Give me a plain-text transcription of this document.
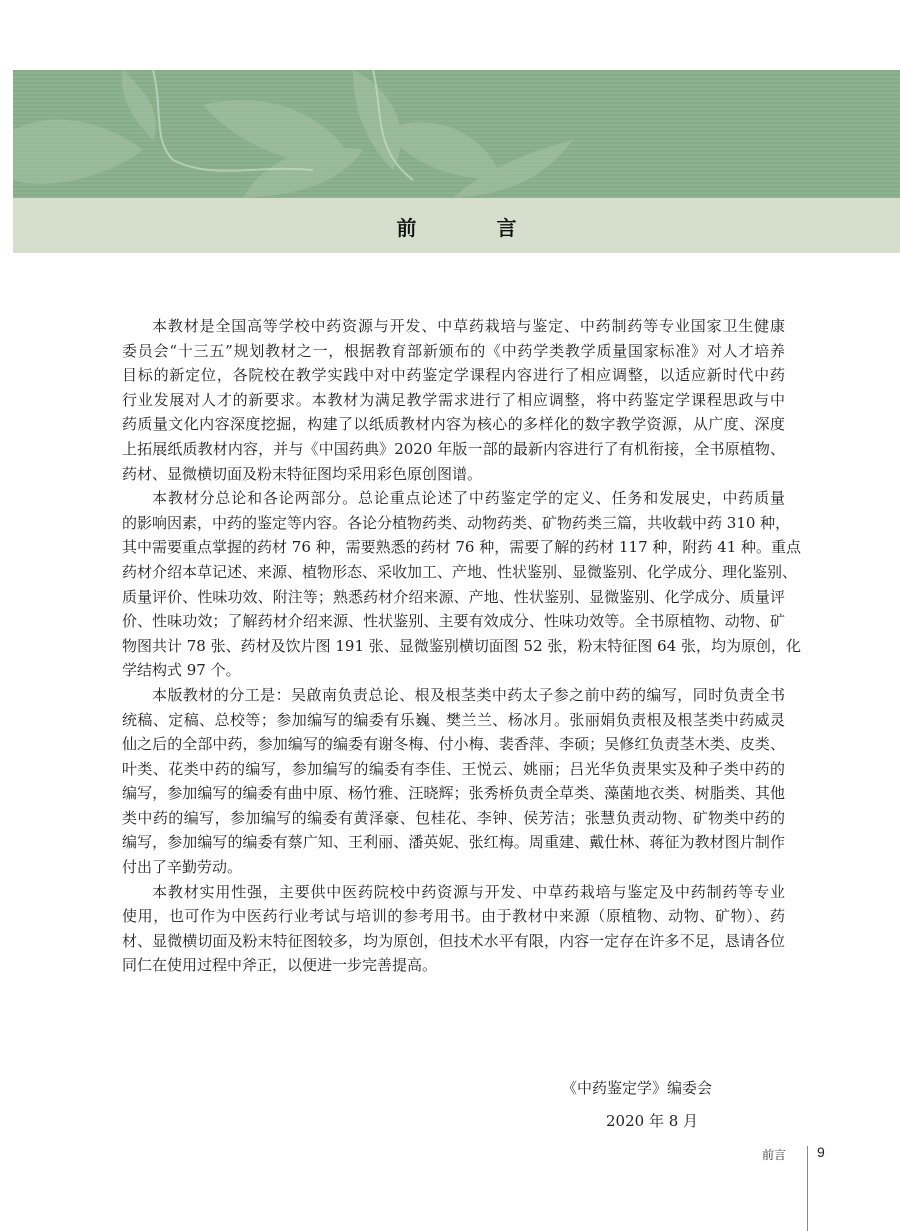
前　言
本教材是全国高等学校中药资源与开发、中草药栽培与鉴定、中药制药等专业国家卫生健康
委员会“十三五”规划教材之一，根据教育部新颁布的《中药学类教学质量国家标准》对人才培养
目标的新定位，各院校在教学实践中对中药鉴定学课程内容进行了相应调整，以适应新时代中药
行业发展对人才的新要求。本教材为满足教学需求进行了相应调整，将中药鉴定学课程思政与中
药质量文化内容深度挖掘，构建了以纸质教材内容为核心的多样化的数字教学资源，从广度、深度
上拓展纸质教材内容，并与《中国药典》2020 年版一部的最新内容进行了有机衔接，全书原植物、
药材、显微横切面及粉末特征图均采用彩色原创图谱。
本教材分总论和各论两部分。总论重点论述了中药鉴定学的定义、任务和发展史，中药质量
的影响因素，中药的鉴定等内容。各论分植物药类、动物药类、矿物药类三篇，共收载中药 310 种，
其中需要重点掌握的药材 76 种，需要熟悉的药材 76 种，需要了解的药材 117 种，附药 41 种。重点
药材介绍本草记述、来源、植物形态、采收加工、产地、性状鉴别、显微鉴别、化学成分、理化鉴别、
质量评价、性味功效、附注等；熟悉药材介绍来源、产地、性状鉴别、显微鉴别、化学成分、质量评
价、性味功效；了解药材介绍来源、性状鉴别、主要有效成分、性味功效等。全书原植物、动物、矿
物图共计 78 张、药材及饮片图 191 张、显微鉴别横切面图 52 张，粉末特征图 64 张，均为原创，化
学结构式 97 个。
本版教材的分工是：吴啟南负责总论、根及根茎类中药太子参之前中药的编写，同时负责全书
统稿、定稿、总校等；参加编写的编委有乐巍、樊兰兰、杨冰月。张丽娟负责根及根茎类中药威灵
仙之后的全部中药，参加编写的编委有谢冬梅、付小梅、裴香萍、李硕；吴修红负责茎木类、皮类、
叶类、花类中药的编写，参加编写的编委有李佳、王悦云、姚丽；吕光华负责果实及种子类中药的
编写，参加编写的编委有曲中原、杨竹雅、汪晓辉；张秀桥负责全草类、藻菌地衣类、树脂类、其他
类中药的编写，参加编写的编委有黄泽豪、包桂花、李钟、侯芳洁；张慧负责动物、矿物类中药的
编写，参加编写的编委有蔡广知、王利丽、潘英妮、张红梅。周重建、戴仕林、蒋征为教材图片制作
付出了辛勤劳动。
本教材实用性强，主要供中医药院校中药资源与开发、中草药栽培与鉴定及中药制药等专业
使用，也可作为中医药行业考试与培训的参考用书。由于教材中来源（原植物、动物、矿物）、药
材、显微横切面及粉末特征图较多，均为原创，但技术水平有限，内容一定存在许多不足，恳请各位
同仁在使用过程中斧正，以便进一步完善提高。
《中药鉴定学》编委会
2020 年 8 月
前言 9
